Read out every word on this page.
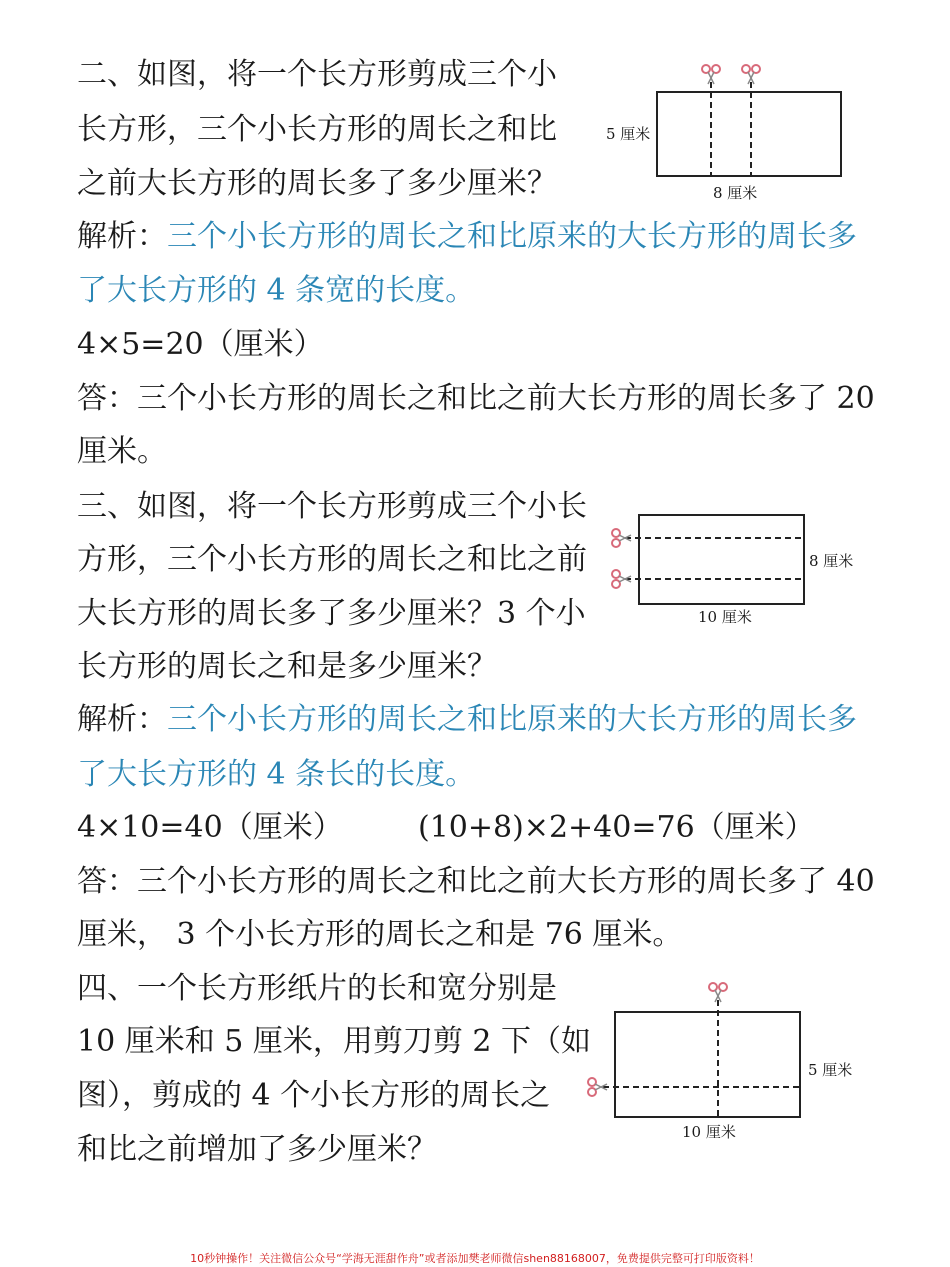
二、如图，将一个长方形剪成三个小
长方形，三个小长方形的周长之和比
之前大长方形的周长多了多少厘米？
5 厘米
8 厘米
解析：三个小长方形的周长之和比原来的大长方形的周长多
了大长方形的 4 条宽的长度。
4×5=20（厘米）
答：三个小长方形的周长之和比之前大长方形的周长多了 20
厘米。
三、如图，将一个长方形剪成三个小长
方形，三个小长方形的周长之和比之前
大长方形的周长多了多少厘米？3 个小
长方形的周长之和是多少厘米？
8 厘米
10 厘米
解析：三个小长方形的周长之和比原来的大长方形的周长多
了大长方形的 4 条长的长度。
4×10=40（厘米）	(10+8)×2+40=76（厘米）
答：三个小长方形的周长之和比之前大长方形的周长多了 40
厘米， 3 个小长方形的周长之和是 76 厘米。
四、一个长方形纸片的长和宽分别是
10 厘米和 5 厘米，用剪刀剪 2 下（如
图），剪成的 4 个小长方形的周长之
和比之前增加了多少厘米？
5 厘米
10 厘米
10秒钟操作！关注微信公众号“学海无涯甜作舟”或者添加樊老师微信shen88168007，免费提供完整可打印版资料！
